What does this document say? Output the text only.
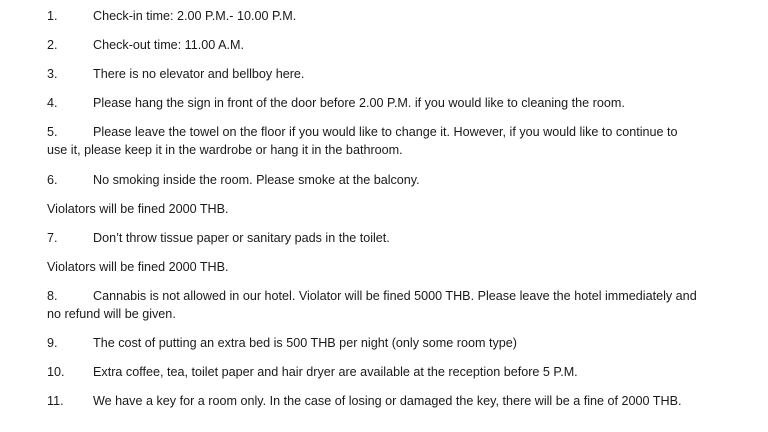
1.	Check-in time: 2.00 P.M.- 10.00 P.M.
2.	Check-out time: 11.00 A.M.
3.	There is no elevator and bellboy here.
4.	Please hang the sign in front of the door before 2.00 P.M. if you would like to cleaning the room.
5.	Please leave the towel on the floor if you would like to change it. However, if you would like to continue to
use it, please keep it in the wardrobe or hang it in the bathroom.
6.	No smoking inside the room. Please smoke at the balcony.
Violators will be fined 2000 THB.
7.	Don’t throw tissue paper or sanitary pads in the toilet.
Violators will be fined 2000 THB.
8.	Cannabis is not allowed in our hotel. Violator will be fined 5000 THB. Please leave the hotel immediately and
no refund will be given.
9.	The cost of putting an extra bed is 500 THB per night (only some room type)
10. Extra coffee, tea, toilet paper and hair dryer are available at the reception before 5 P.M.
11. We have a key for a room only. In the case of losing or damaged the key, there will be a fine of 2000 THB.
